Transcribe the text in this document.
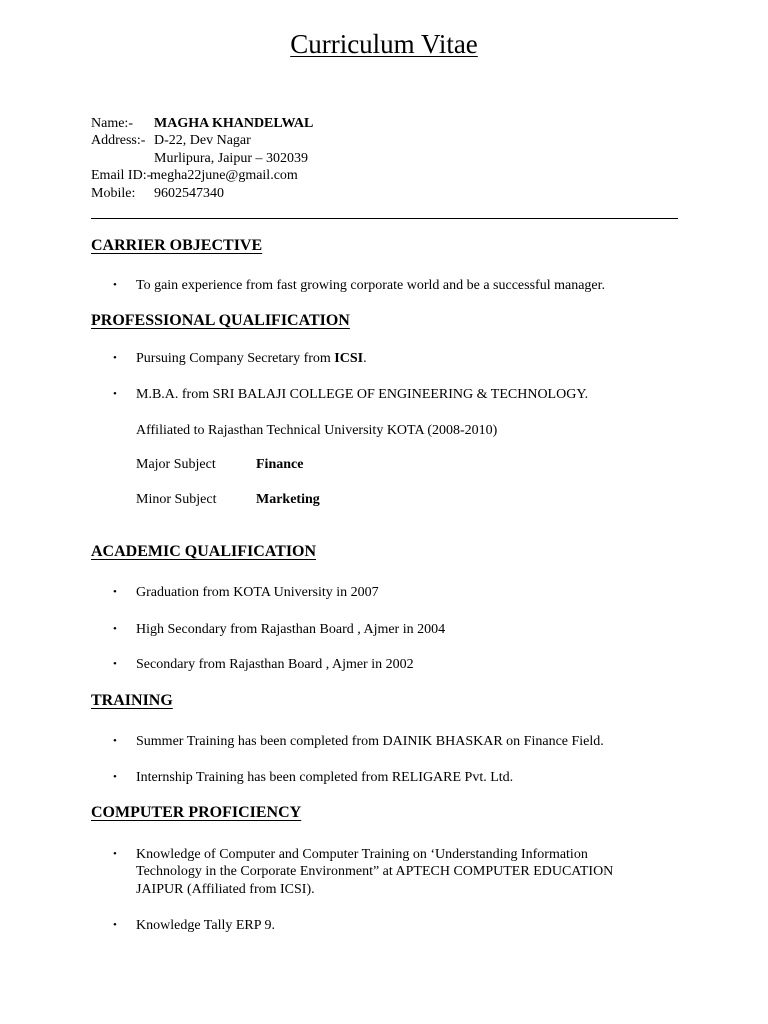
Curriculum Vitae
Name:- MAGHA KHANDELWAL
Address:- D-22, Dev Nagar
Murlipura, Jaipur – 302039
Email ID:-
megha22june@gmail.com
Mobile: 9602547340
CARRIER OBJECTIVE
• To gain experience from fast growing corporate world and be a successful manager.
PROFESSIONAL QUALIFICATION
• Pursuing Company Secretary from ICSI.
• M.B.A. from SRI BALAJI COLLEGE OF ENGINEERING & TECHNOLOGY.
Affiliated to Rajasthan Technical University KOTA (2008-2010)
Major Subject	Finance
Minor Subject	Marketing
ACADEMIC QUALIFICATION
• Graduation from KOTA University in 2007
• High Secondary from Rajasthan Board , Ajmer in 2004
• Secondary from Rajasthan Board , Ajmer in 2002
TRAINING
• Summer Training has been completed from DAINIK BHASKAR on Finance Field.
• Internship Training has been completed from RELIGARE Pvt. Ltd.
COMPUTER PROFICIENCY
• Knowledge of Computer and Computer Training on ‘Understanding Information
Technology in the Corporate Environment” at APTECH COMPUTER EDUCATION
JAIPUR (Affiliated from ICSI).
• Knowledge Tally ERP 9.
